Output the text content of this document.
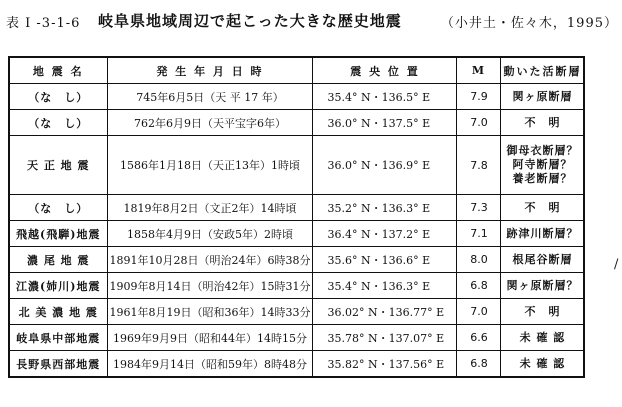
表 I -3-1-6 岐阜県地域周辺で起こった大きな歴史地震	（小井土・佐々木，1995）
地 震 名	発 生 年 月 日 時	震 央 位 置	M	動いた活断層
（な　し）	745年6月5日（天 平 17 年）	35.4° N・136.5° E	7.9	関ヶ原断層

（な　し）	762年6月9日（天平宝字6年）	36.0° N・137.5° E	7.0	不　明

天 正 地 震	1586年1月18日（天正13年）1時頃	36.0° N・136.9° E	7.8	御母衣断層？
阿寺断層？
養老断層？

（な　し）	1819年8月2日（文正2年）14時頃	35.2° N・136.3° E	7.3	不　明

飛越(飛騨)地震	1858年4月9日（安政5年）2時頃	36.4° N・137.2° E	7.1	跡津川断層？

濃 尾 地 震	1891年10月28日（明治24年）6時38分	35.6° N・136.6° E	8.0	根尾谷断層

江濃(姉川)地震	1909年8月14日（明治42年）15時31分	35.4° N・136.3° E	6.8	関ヶ原断層？

北 美 濃 地 震	1961年8月19日（昭和36年）14時33分	36.02° N・136.77° E	7.0	不　明

岐阜県中部地震	1969年9月9日（昭和44年）14時15分	35.78° N・137.07° E	6.6	未 確 認

長野県西部地震	1984年9月14日（昭和59年）8時48分	35.82° N・137.56° E	6.8	未 確 認
/
